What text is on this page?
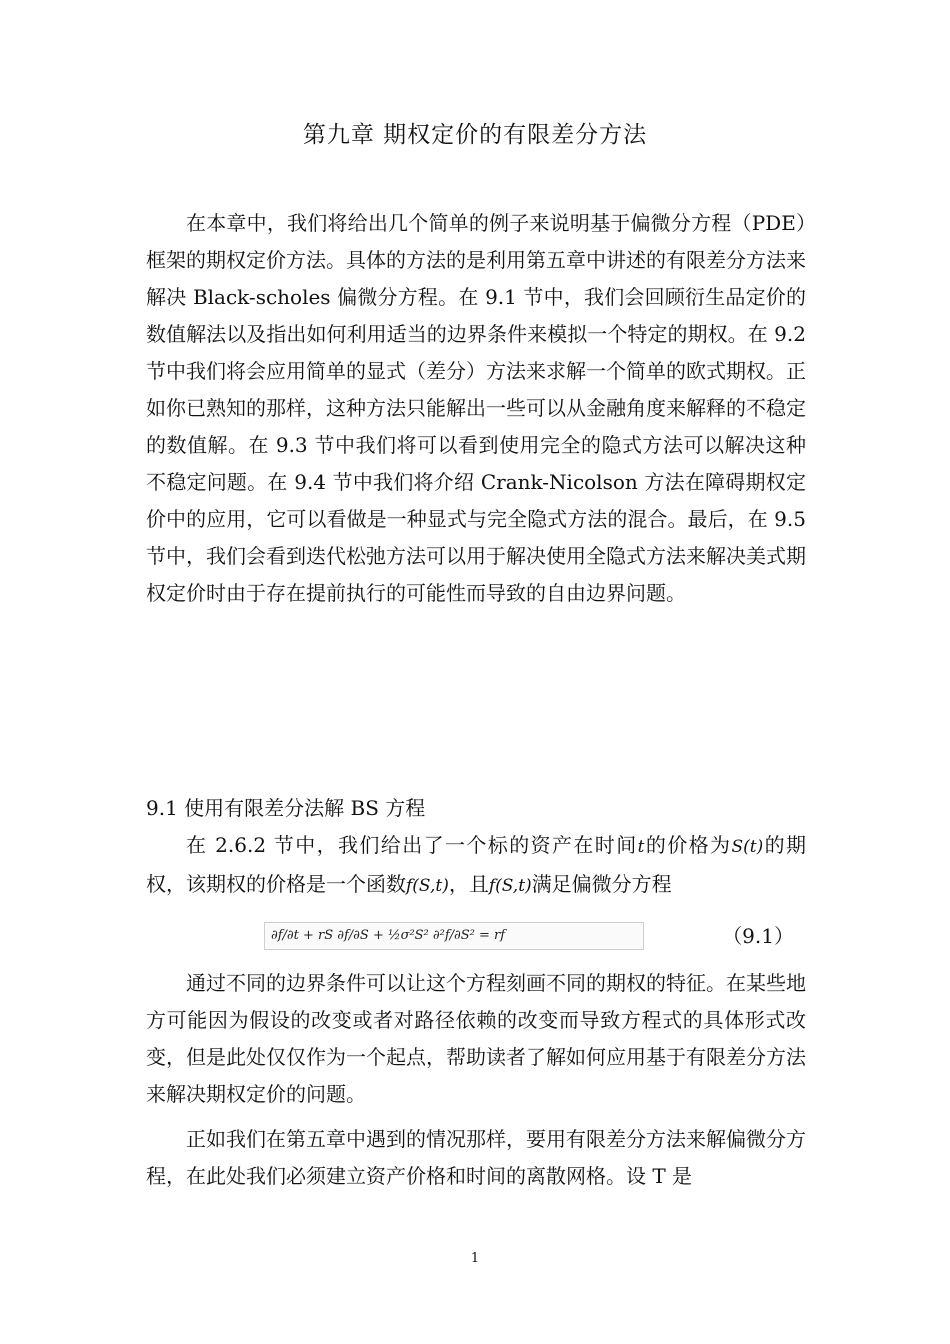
第九章 期权定价的有限差分方法

在本章中，我们将给出几个简单的例子来说明基于偏微分方程（PDE）框架的期权定价方法。具体的方法的是利用第五章中讲述的有限差分方法来解决 Black-scholes 偏微分方程。在 9.1 节中，我们会回顾衍生品定价的数值解法以及指出如何利用适当的边界条件来模拟一个特定的期权。在 9.2 节中我们将会应用简单的显式（差分）方法来求解一个简单的欧式期权。正如你已熟知的那样，这种方法只能解出一些可以从金融角度来解释的不稳定的数值解。在 9.3 节中我们将可以看到使用完全的隐式方法可以解决这种不稳定问题。在 9.4 节中我们将介绍 Crank-Nicolson 方法在障碍期权定价中的应用，它可以看做是一种显式与完全隐式方法的混合。最后，在 9.5 节中，我们会看到迭代松弛方法可以用于解决使用全隐式方法来解决美式期权定价时由于存在提前执行的可能性而导致的自由边界问题。

9.1 使用有限差分法解 BS 方程

在 2.6.2 节中，我们给出了一个标的资产在时间t的价格为S(t)的期权，该期权的价格是一个函数f(S,t)，且f(S,t)满足偏微分方程

∂f/∂t + rS ∂f/∂S + ½σ²S² ∂²f/∂S² = rf	（9.1）

通过不同的边界条件可以让这个方程刻画不同的期权的特征。在某些地方可能因为假设的改变或者对路径依赖的改变而导致方程式的具体形式改变，但是此处仅仅作为一个起点，帮助读者了解如何应用基于有限差分方法来解决期权定价的问题。

正如我们在第五章中遇到的情况那样，要用有限差分方法来解偏微分方程，在此处我们必须建立资产价格和时间的离散网格。设 T 是

1
